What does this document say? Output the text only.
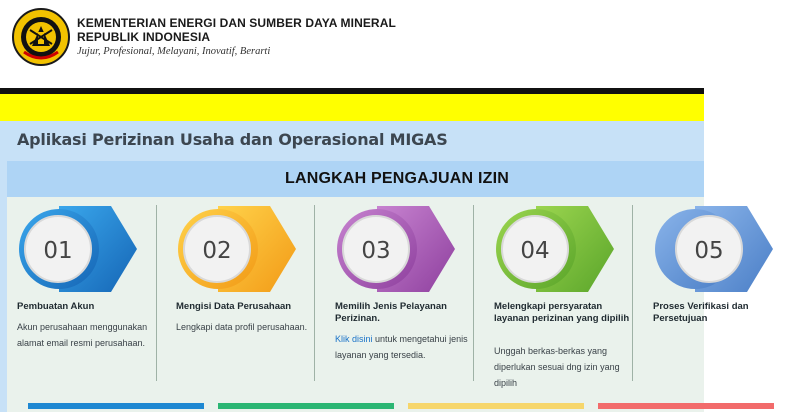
KEMENTERIAN ENERGI DAN SUMBER DAYA MINERAL
REPUBLIK INDONESIA
Jujur, Profesional, Melayani, Inovatif, Berarti
Aplikasi Perizinan Usaha dan Operasional MIGAS
LANGKAH PENGAJUAN IZIN
01
Pembuatan Akun
Akun perusahaan menggunakan alamat email resmi perusahaan.
02
Mengisi Data Perusahaan
Lengkapi data profil perusahaan.
03
Memilih Jenis Pelayanan Perizinan.
Klik disini untuk mengetahui jenis layanan yang tersedia.
04
Melengkapi persyaratan layanan perizinan yang dipilih
Unggah berkas-berkas yang diperlukan sesuai dng izin yang dipilih
05
Proses Verifikasi dan Persetujuan
